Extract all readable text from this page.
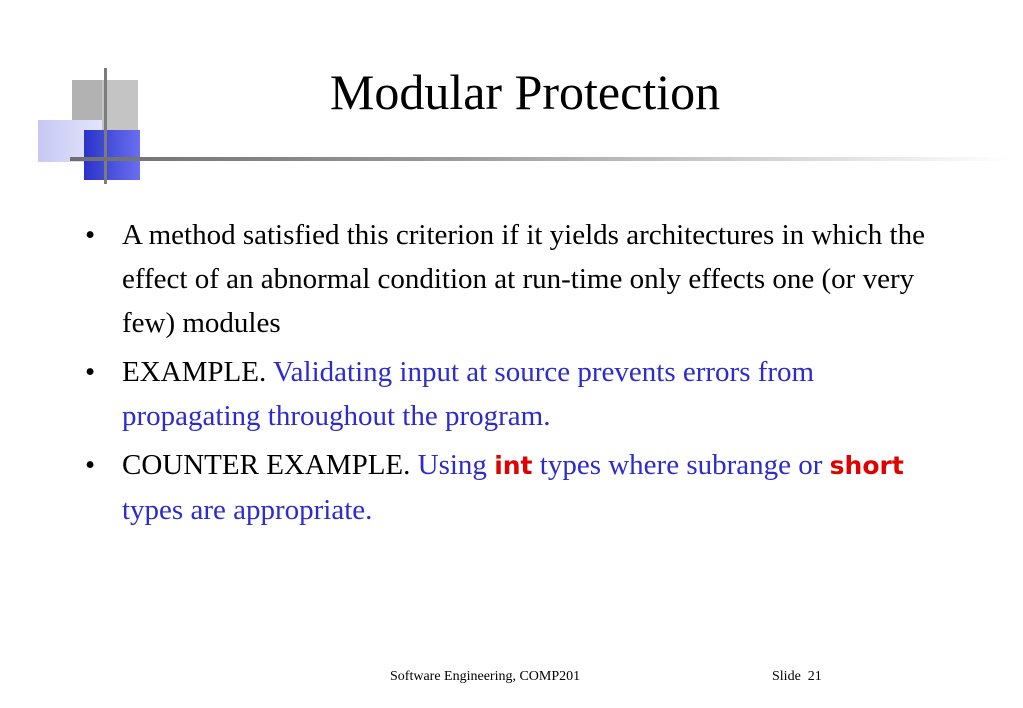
Modular Protection
• A method satisfied this criterion if it yields architectures in which the effect of an abnormal condition at run-time only effects one (or very few) modules
• EXAMPLE. Validating input at source prevents errors from propagating throughout the program.
• COUNTER EXAMPLE. Using int types where subrange or short types are appropriate.
Software Engineering, COMP201	Slide  21
